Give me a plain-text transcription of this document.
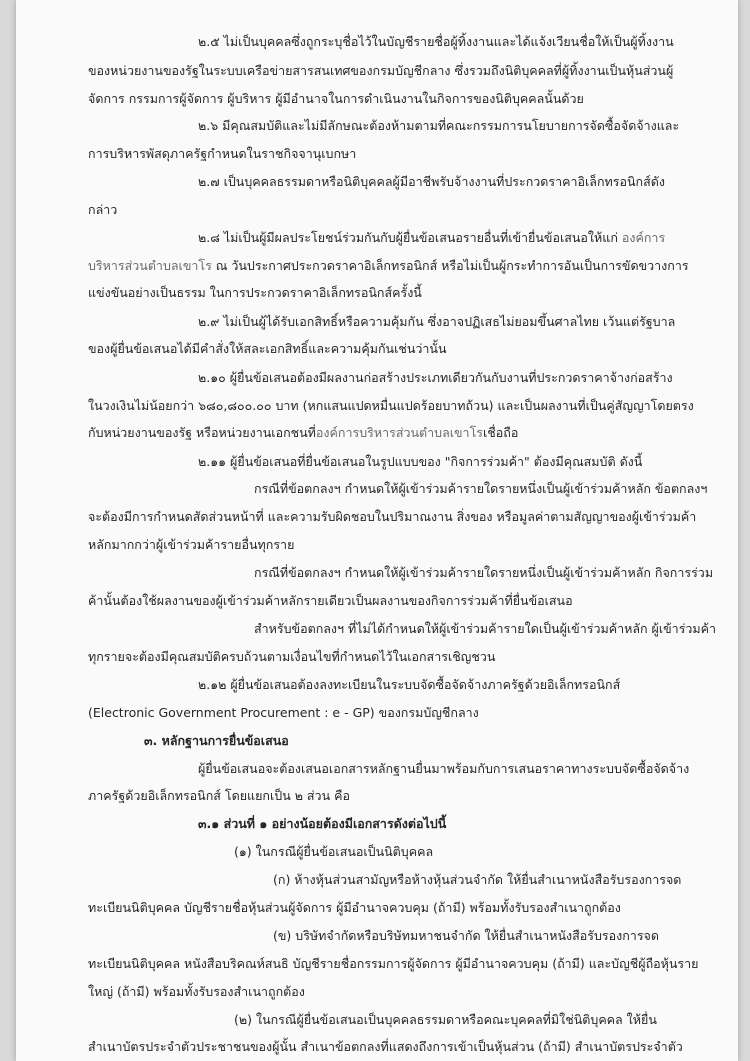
๒.๕ ไม่เป็นบุคคลซึ่งถูกระบุชื่อไว้ในบัญชีรายชื่อผู้ทิ้งงานและได้แจ้งเวียนชื่อให้เป็นผู้ทิ้งงาน
ของหน่วยงานของรัฐในระบบเครือข่ายสารสนเทศของกรมบัญชีกลาง ซึ่งรวมถึงนิติบุคคลที่ผู้ทิ้งงานเป็นหุ้นส่วนผู้
จัดการ กรรมการผู้จัดการ ผู้บริหาร ผู้มีอำนาจในการดำเนินงานในกิจการของนิติบุคคลนั้นด้วย
๒.๖ มีคุณสมบัติและไม่มีลักษณะต้องห้ามตามที่คณะกรรมการนโยบายการจัดซื้อจัดจ้างและ
การบริหารพัสดุภาครัฐกำหนดในราชกิจจานุเบกษา
๒.๗ เป็นบุคคลธรรมดาหรือนิติบุคคลผู้มีอาชีพรับจ้างงานที่ประกวดราคาอิเล็กทรอนิกส์ดัง
กล่าว
๒.๘ ไม่เป็นผู้มีผลประโยชน์ร่วมกันกับผู้ยื่นข้อเสนอรายอื่นที่เข้ายื่นข้อเสนอให้แก่ องค์การ
บริหารส่วนตำบลเขาโร ณ วันประกาศประกวดราคาอิเล็กทรอนิกส์ หรือไม่เป็นผู้กระทำการอันเป็นการขัดขวางการ
แข่งขันอย่างเป็นธรรม ในการประกวดราคาอิเล็กทรอนิกส์ครั้งนี้
๒.๙ ไม่เป็นผู้ได้รับเอกสิทธิ์หรือความคุ้มกัน ซึ่งอาจปฏิเสธไม่ยอมขึ้นศาลไทย เว้นแต่รัฐบาล
ของผู้ยื่นข้อเสนอได้มีคำสั่งให้สละเอกสิทธิ์และความคุ้มกันเช่นว่านั้น
๒.๑๐ ผู้ยื่นข้อเสนอต้องมีผลงานก่อสร้างประเภทเดียวกันกับงานที่ประกวดราคาจ้างก่อสร้าง
ในวงเงินไม่น้อยกว่า ๖๘๐,๘๐๐.๐๐ บาท (หกแสนแปดหมื่นแปดร้อยบาทถ้วน) และเป็นผลงานที่เป็นคู่สัญญาโดยตรง
กับหน่วยงานของรัฐ หรือหน่วยงานเอกชนที่องค์การบริหารส่วนตำบลเขาโรเชื่อถือ
๒.๑๑ ผู้ยื่นข้อเสนอที่ยื่นข้อเสนอในรูปแบบของ "กิจการร่วมค้า" ต้องมีคุณสมบัติ ดังนี้
กรณีที่ข้อตกลงฯ กำหนดให้ผู้เข้าร่วมค้ารายใดรายหนึ่งเป็นผู้เข้าร่วมค้าหลัก ข้อตกลงฯ
จะต้องมีการกำหนดสัดส่วนหน้าที่ และความรับผิดชอบในปริมาณงาน สิ่งของ หรือมูลค่าตามสัญญาของผู้เข้าร่วมค้า
หลักมากกว่าผู้เข้าร่วมค้ารายอื่นทุกราย
กรณีที่ข้อตกลงฯ กำหนดให้ผู้เข้าร่วมค้ารายใดรายหนึ่งเป็นผู้เข้าร่วมค้าหลัก กิจการร่วม
ค้านั้นต้องใช้ผลงานของผู้เข้าร่วมค้าหลักรายเดียวเป็นผลงานของกิจการร่วมค้าที่ยื่นข้อเสนอ
สำหรับข้อตกลงฯ ที่ไม่ได้กำหนดให้ผู้เข้าร่วมค้ารายใดเป็นผู้เข้าร่วมค้าหลัก ผู้เข้าร่วมค้า
ทุกรายจะต้องมีคุณสมบัติครบถ้วนตามเงื่อนไขที่กำหนดไว้ในเอกสารเชิญชวน
๒.๑๒ ผู้ยื่นข้อเสนอต้องลงทะเบียนในระบบจัดซื้อจัดจ้างภาครัฐด้วยอิเล็กทรอนิกส์
(Electronic Government Procurement : e - GP) ของกรมบัญชีกลาง
๓. หลักฐานการยื่นข้อเสนอ
ผู้ยื่นข้อเสนอจะต้องเสนอเอกสารหลักฐานยื่นมาพร้อมกับการเสนอราคาทางระบบจัดซื้อจัดจ้าง
ภาครัฐด้วยอิเล็กทรอนิกส์ โดยแยกเป็น ๒ ส่วน คือ
๓.๑ ส่วนที่ ๑ อย่างน้อยต้องมีเอกสารดังต่อไปนี้
(๑) ในกรณีผู้ยื่นข้อเสนอเป็นนิติบุคคล
(ก) ห้างหุ้นส่วนสามัญหรือห้างหุ้นส่วนจำกัด ให้ยื่นสำเนาหนังสือรับรองการจด
ทะเบียนนิติบุคคล บัญชีรายชื่อหุ้นส่วนผู้จัดการ ผู้มีอำนาจควบคุม (ถ้ามี) พร้อมทั้งรับรองสำเนาถูกต้อง
(ข) บริษัทจำกัดหรือบริษัทมหาชนจำกัด ให้ยื่นสำเนาหนังสือรับรองการจด
ทะเบียนนิติบุคคล หนังสือบริคณห์สนธิ บัญชีรายชื่อกรรมการผู้จัดการ ผู้มีอำนาจควบคุม (ถ้ามี) และบัญชีผู้ถือหุ้นราย
ใหญ่ (ถ้ามี) พร้อมทั้งรับรองสำเนาถูกต้อง
(๒) ในกรณีผู้ยื่นข้อเสนอเป็นบุคคลธรรมดาหรือคณะบุคคลที่มิใช่นิติบุคคล ให้ยื่น
สำเนาบัตรประจำตัวประชาชนของผู้นั้น สำเนาข้อตกลงที่แสดงถึงการเข้าเป็นหุ้นส่วน (ถ้ามี) สำเนาบัตรประจำตัว
